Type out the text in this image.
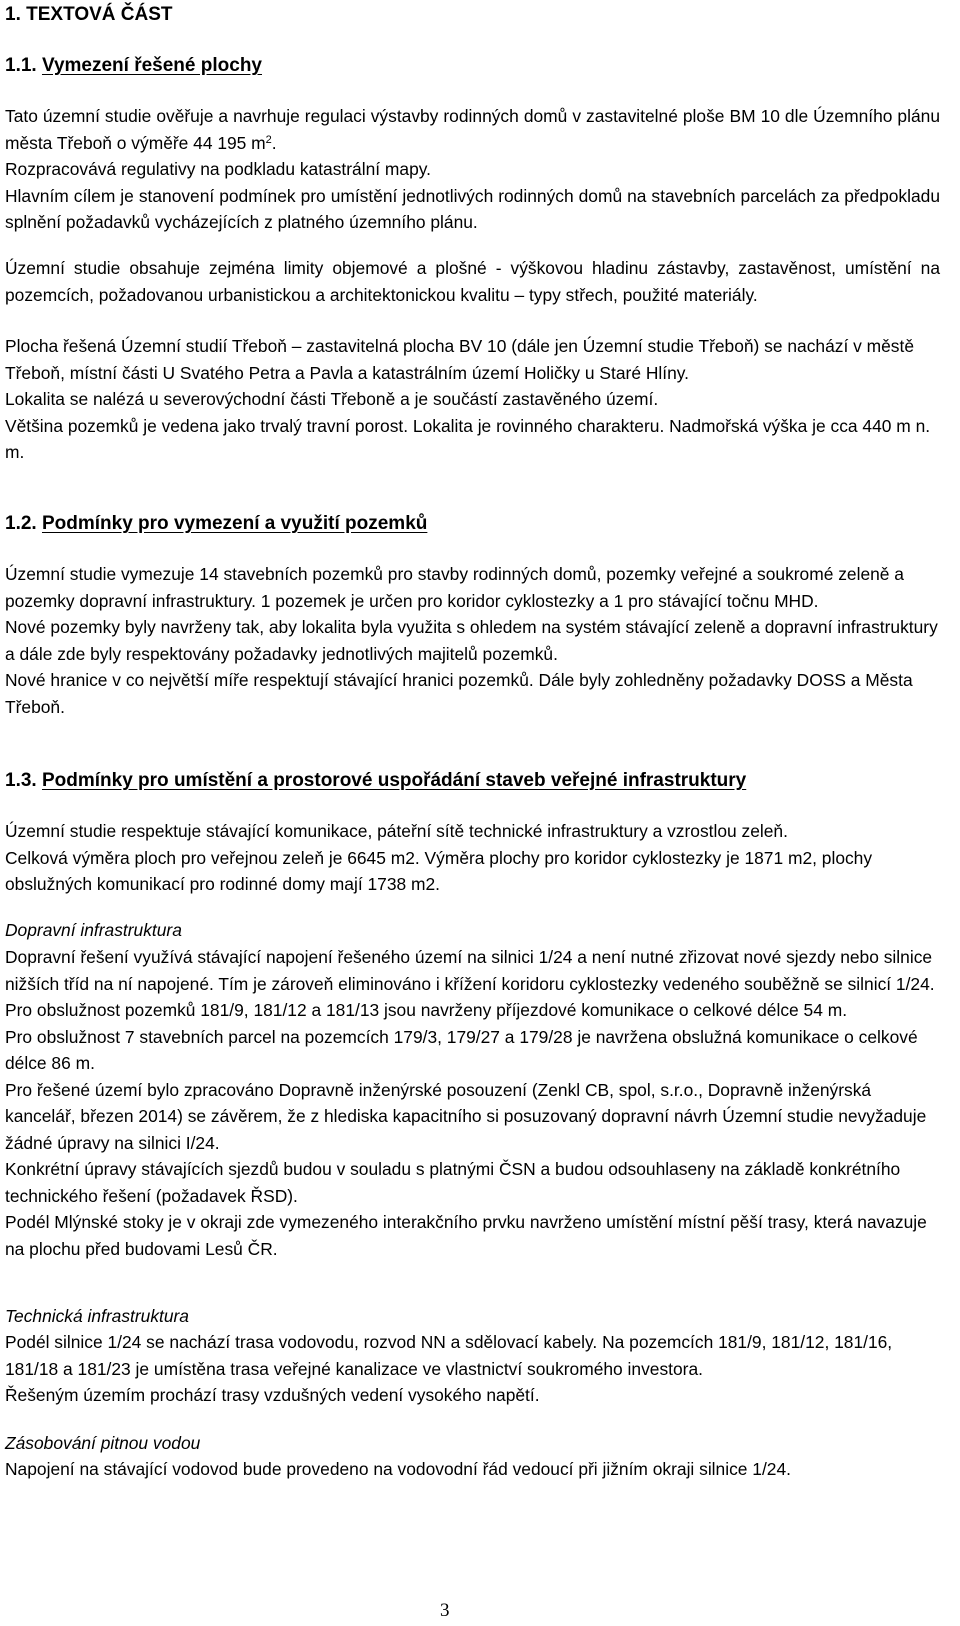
1. TEXTOVÁ ČÁST
1.1. Vymezení řešené plochy

Tato územní studie ověřuje a navrhuje regulaci výstavby rodinných domů v zastavitelné ploše BM 10 dle Územního plánu města Třeboň o výměře 44 195 $m^2$.

Rozpracovává regulativy na podkladu katastrální mapy.

Hlavním cílem je stanovení podmínek pro umístění jednotlivých rodinných domů na stavebních parcelách za předpokladu splnění požadavků vycházejících z platného územního plánu.

Územní studie obsahuje zejména limity objemové a plošné - výškovou hladinu zástavby, zastavěnost, umístění na pozemcích, požadovanou urbanistickou a architektonickou kvalitu – typy střech, použité materiály.

Plocha řešená Územní studií Třeboň – zastavitelná plocha BV 10 (dále jen Územní studie Třeboň) se nachází v městě Třeboň, místní části U Svatého Petra a Pavla a katastrálním území Holičky u Staré Hlíny.

Lokalita se nalézá u severovýchodní části Třeboně a je součástí zastavěného území.

Většina pozemků je vedena jako trvalý travní porost. Lokalita je rovinného charakteru. Nadmořská výška je cca 440 m n. m.

1.2. Podmínky pro vymezení a využití pozemků

Územní studie vymezuje 14 stavebních pozemků pro stavby rodinných domů, pozemky veřejné a soukromé zeleně a pozemky dopravní infrastruktury. 1 pozemek je určen pro koridor cyklostezky a 1 pro stávající točnu MHD.

Nové pozemky byly navrženy tak, aby lokalita byla využita s ohledem na systém stávající zeleně a dopravní infrastruktury a dále zde byly respektovány požadavky jednotlivých majitelů pozemků.

Nové hranice v co největší míře respektují stávající hranici pozemků. Dále byly zohledněny požadavky DOSS a Města Třeboň.

1.3. Podmínky pro umístění a prostorové uspořádání staveb veřejné infrastruktury

Územní studie respektuje stávající komunikace, páteřní sítě technické infrastruktury a vzrostlou zeleň.

Celková výměra ploch pro veřejnou zeleň je 6645 m2. Výměra plochy pro koridor cyklostezky je 1871 m2, plochy obslužných komunikací pro rodinné domy mají 1738 m2.

Dopravní infrastruktura

Dopravní řešení využívá stávající napojení řešeného území na silnici 1/24 a není nutné zřizovat nové sjezdy nebo silnice nižších tříd na ní napojené. Tím je zároveň eliminováno i křížení koridoru cyklostezky vedeného souběžně se silnicí 1/24.

Pro obslužnost pozemků 181/9, 181/12 a 181/13 jsou navrženy příjezdové komunikace o celkové délce 54 m.

Pro obslužnost 7 stavebních parcel na pozemcích 179/3, 179/27 a 179/28 je navržena obslužná komunikace o celkové délce 86 m.

Pro řešené území bylo zpracováno Dopravně inženýrské posouzení (Zenkl CB, spol, s.r.o., Dopravně inženýrská kancelář, březen 2014) se závěrem, že z hlediska kapacitního si posuzovaný dopravní návrh Územní studie nevyžaduje žádné úpravy na silnici I/24.

Konkrétní úpravy stávajících sjezdů budou v souladu s platnými ČSN a budou odsouhlaseny na základě konkrétního technického řešení (požadavek ŘSD).

Podél Mlýnské stoky je v okraji zde vymezeného interakčního prvku navrženo umístění místní pěší trasy, která navazuje na plochu před budovami Lesů ČR.

Technická infrastruktura

Podél silnice 1/24 se nachází trasa vodovodu, rozvod NN a sdělovací kabely. Na pozemcích 181/9, 181/12, 181/16, 181/18 a 181/23 je umístěna trasa veřejné kanalizace ve vlastnictví soukromého investora.

Řešeným územím prochází trasy vzdušných vedení vysokého napětí.

Zásobování pitnou vodou

Napojení na stávající vodovod bude provedeno na vodovodní řád vedoucí při jižním okraji silnice 1/24.

3
